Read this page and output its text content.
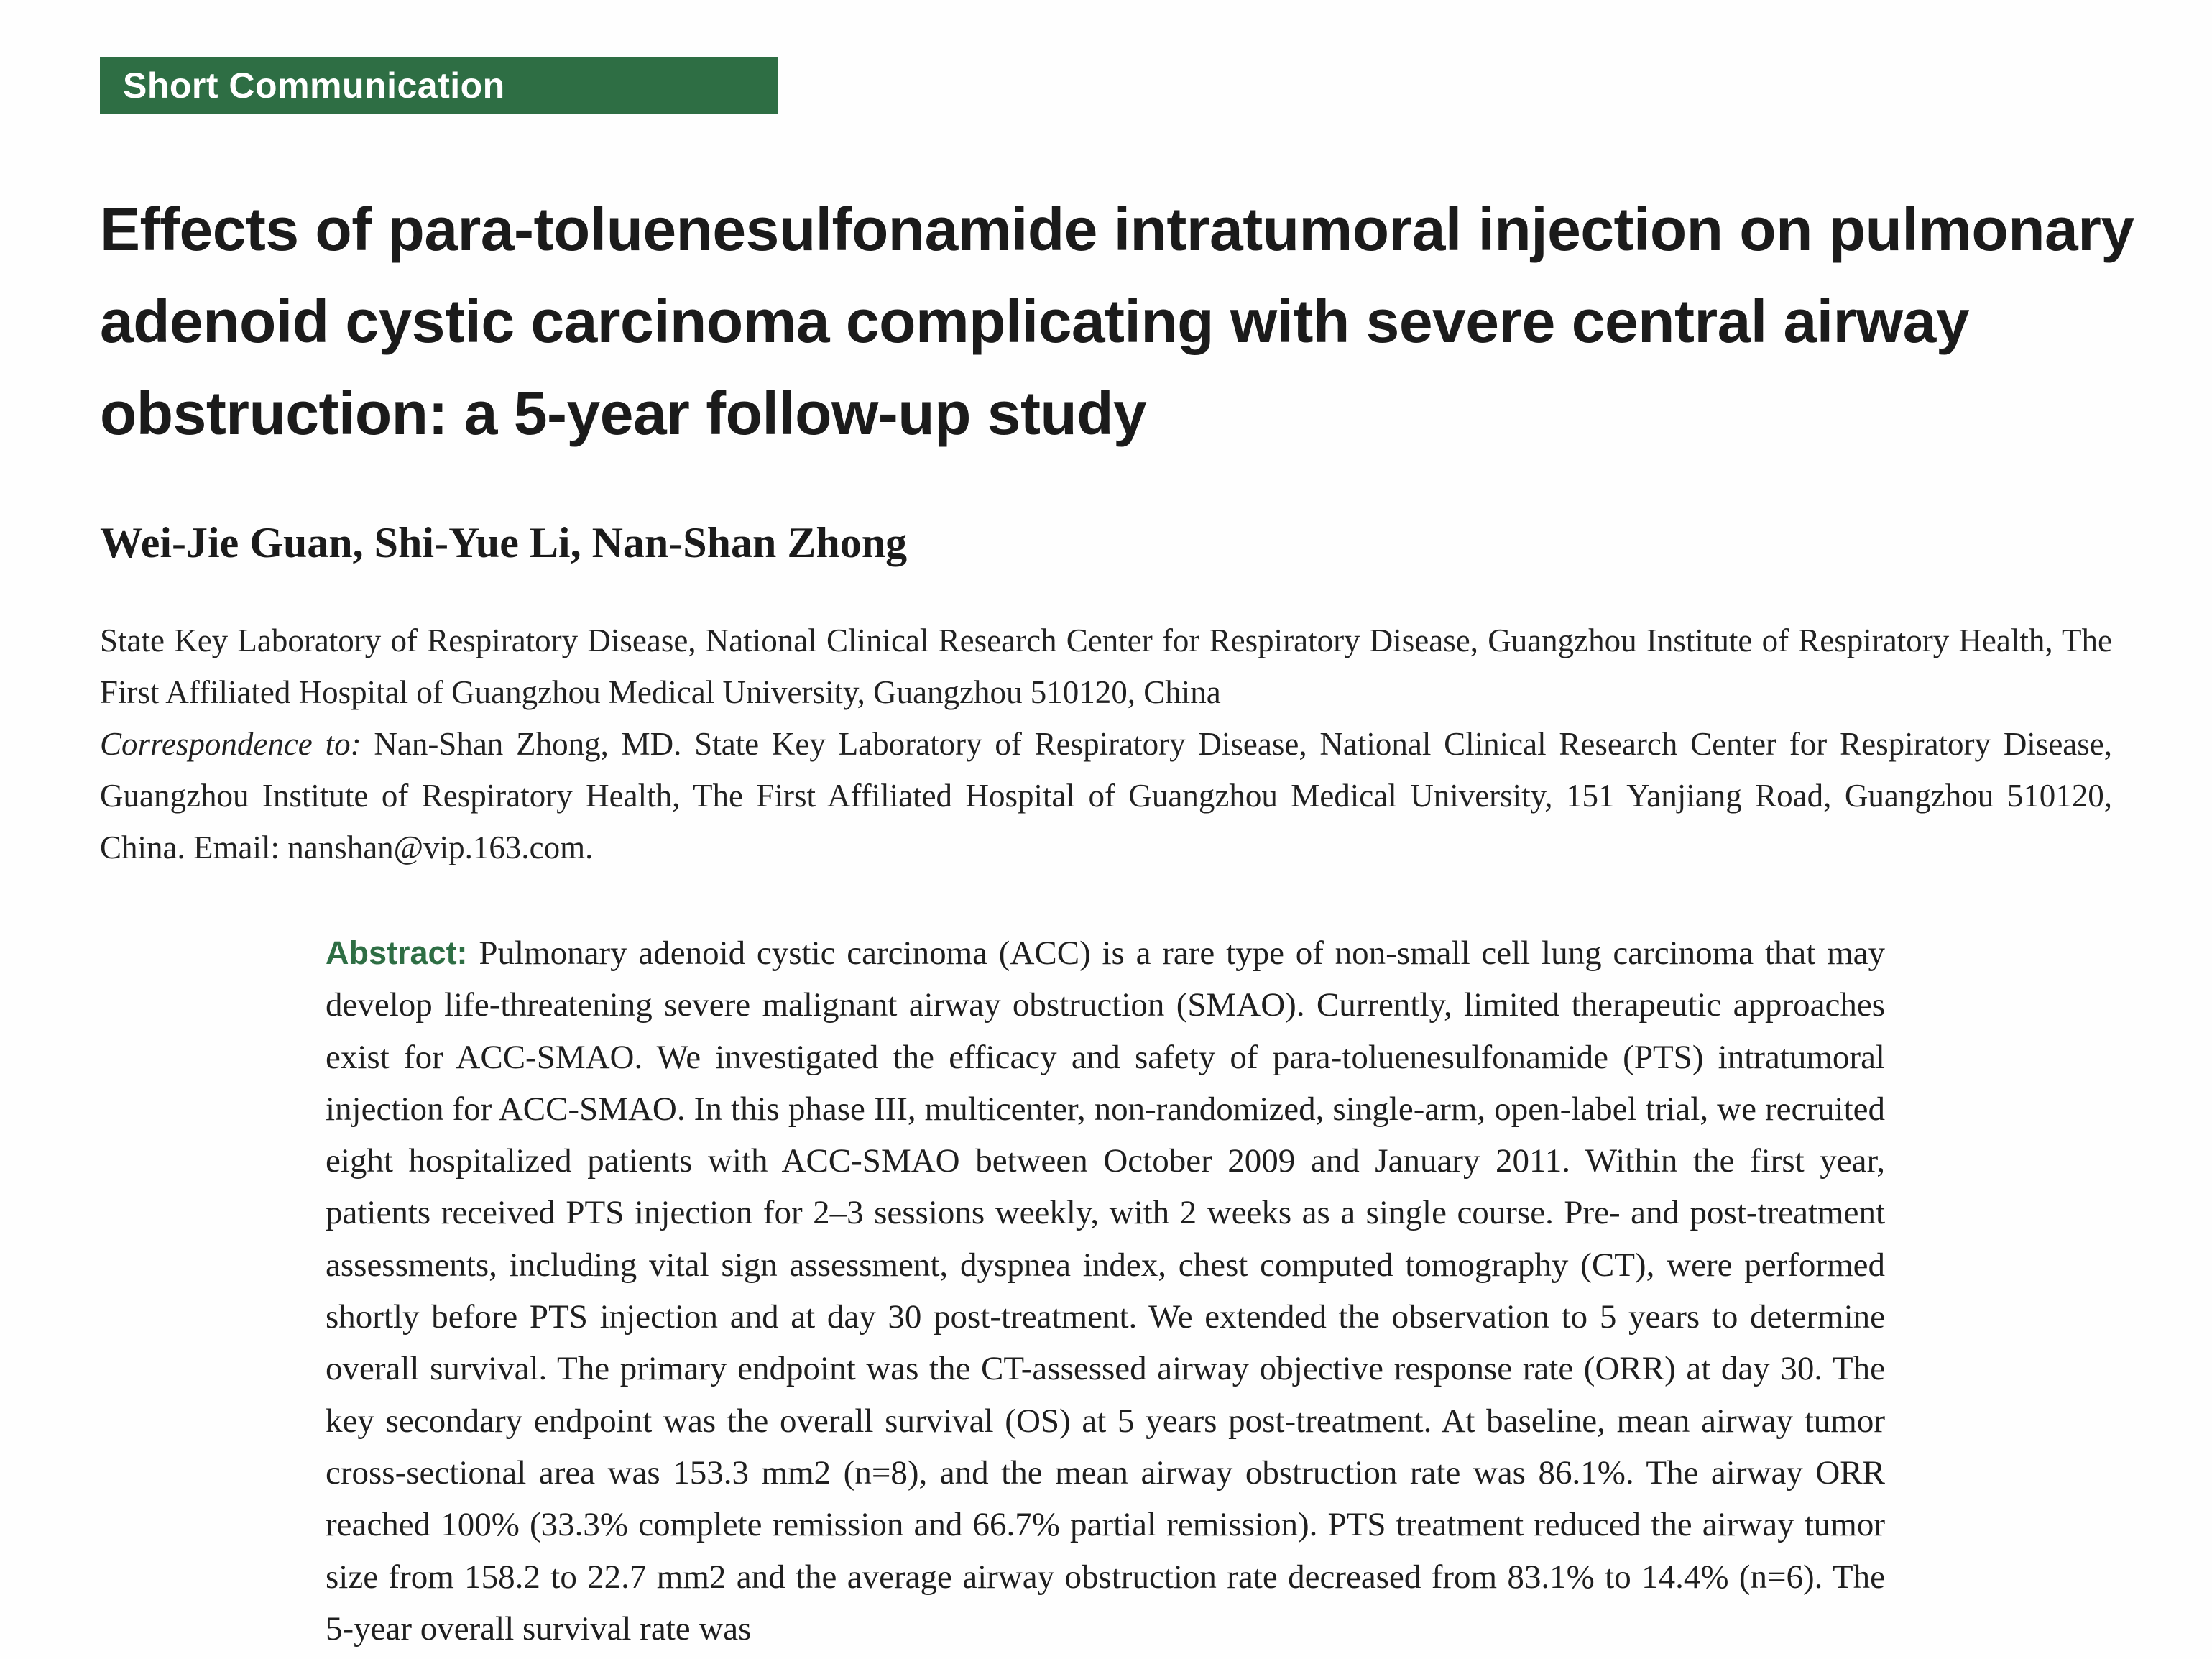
Short Communication
Effects of para-toluenesulfonamide intratumoral injection on pulmonary adenoid cystic carcinoma complicating with severe central airway obstruction: a 5-year follow-up study

Wei-Jie Guan, Shi-Yue Li, Nan-Shan Zhong

State Key Laboratory of Respiratory Disease, National Clinical Research Center for Respiratory Disease, Guangzhou Institute of Respiratory Health, The First Affiliated Hospital of Guangzhou Medical University, Guangzhou 510120, China
Correspondence to: Nan-Shan Zhong, MD. State Key Laboratory of Respiratory Disease, National Clinical Research Center for Respiratory Disease, Guangzhou Institute of Respiratory Health, The First Affiliated Hospital of Guangzhou Medical University, 151 Yanjiang Road, Guangzhou 510120, China. Email: nanshan@vip.163.com.

Abstract: Pulmonary adenoid cystic carcinoma (ACC) is a rare type of non-small cell lung carcinoma that may develop life-threatening severe malignant airway obstruction (SMAO). Currently, limited therapeutic approaches exist for ACC-SMAO. We investigated the efficacy and safety of para-toluenesulfonamide (PTS) intratumoral injection for ACC-SMAO. In this phase III, multicenter, non-randomized, single-arm, open-label trial, we recruited eight hospitalized patients with ACC-SMAO between October 2009 and January 2011. Within the first year, patients received PTS injection for 2–3 sessions weekly, with 2 weeks as a single course. Pre- and post-treatment assessments, including vital sign assessment, dyspnea index, chest computed tomography (CT), were performed shortly before PTS injection and at day 30 post-treatment. We extended the observation to 5 years to determine overall survival. The primary endpoint was the CT-assessed airway objective response rate (ORR) at day 30. The key secondary endpoint was the overall survival (OS) at 5 years post-treatment. At baseline, mean airway tumor cross-sectional area was 153.3 mm2 (n=8), and the mean airway obstruction rate was 86.1%. The airway ORR reached 100% (33.3% complete remission and 66.7% partial remission). PTS treatment reduced the airway tumor size from 158.2 to 22.7 mm2 and the average airway obstruction rate decreased from 83.1% to 14.4% (n=6). The 5-year overall survival rate was
